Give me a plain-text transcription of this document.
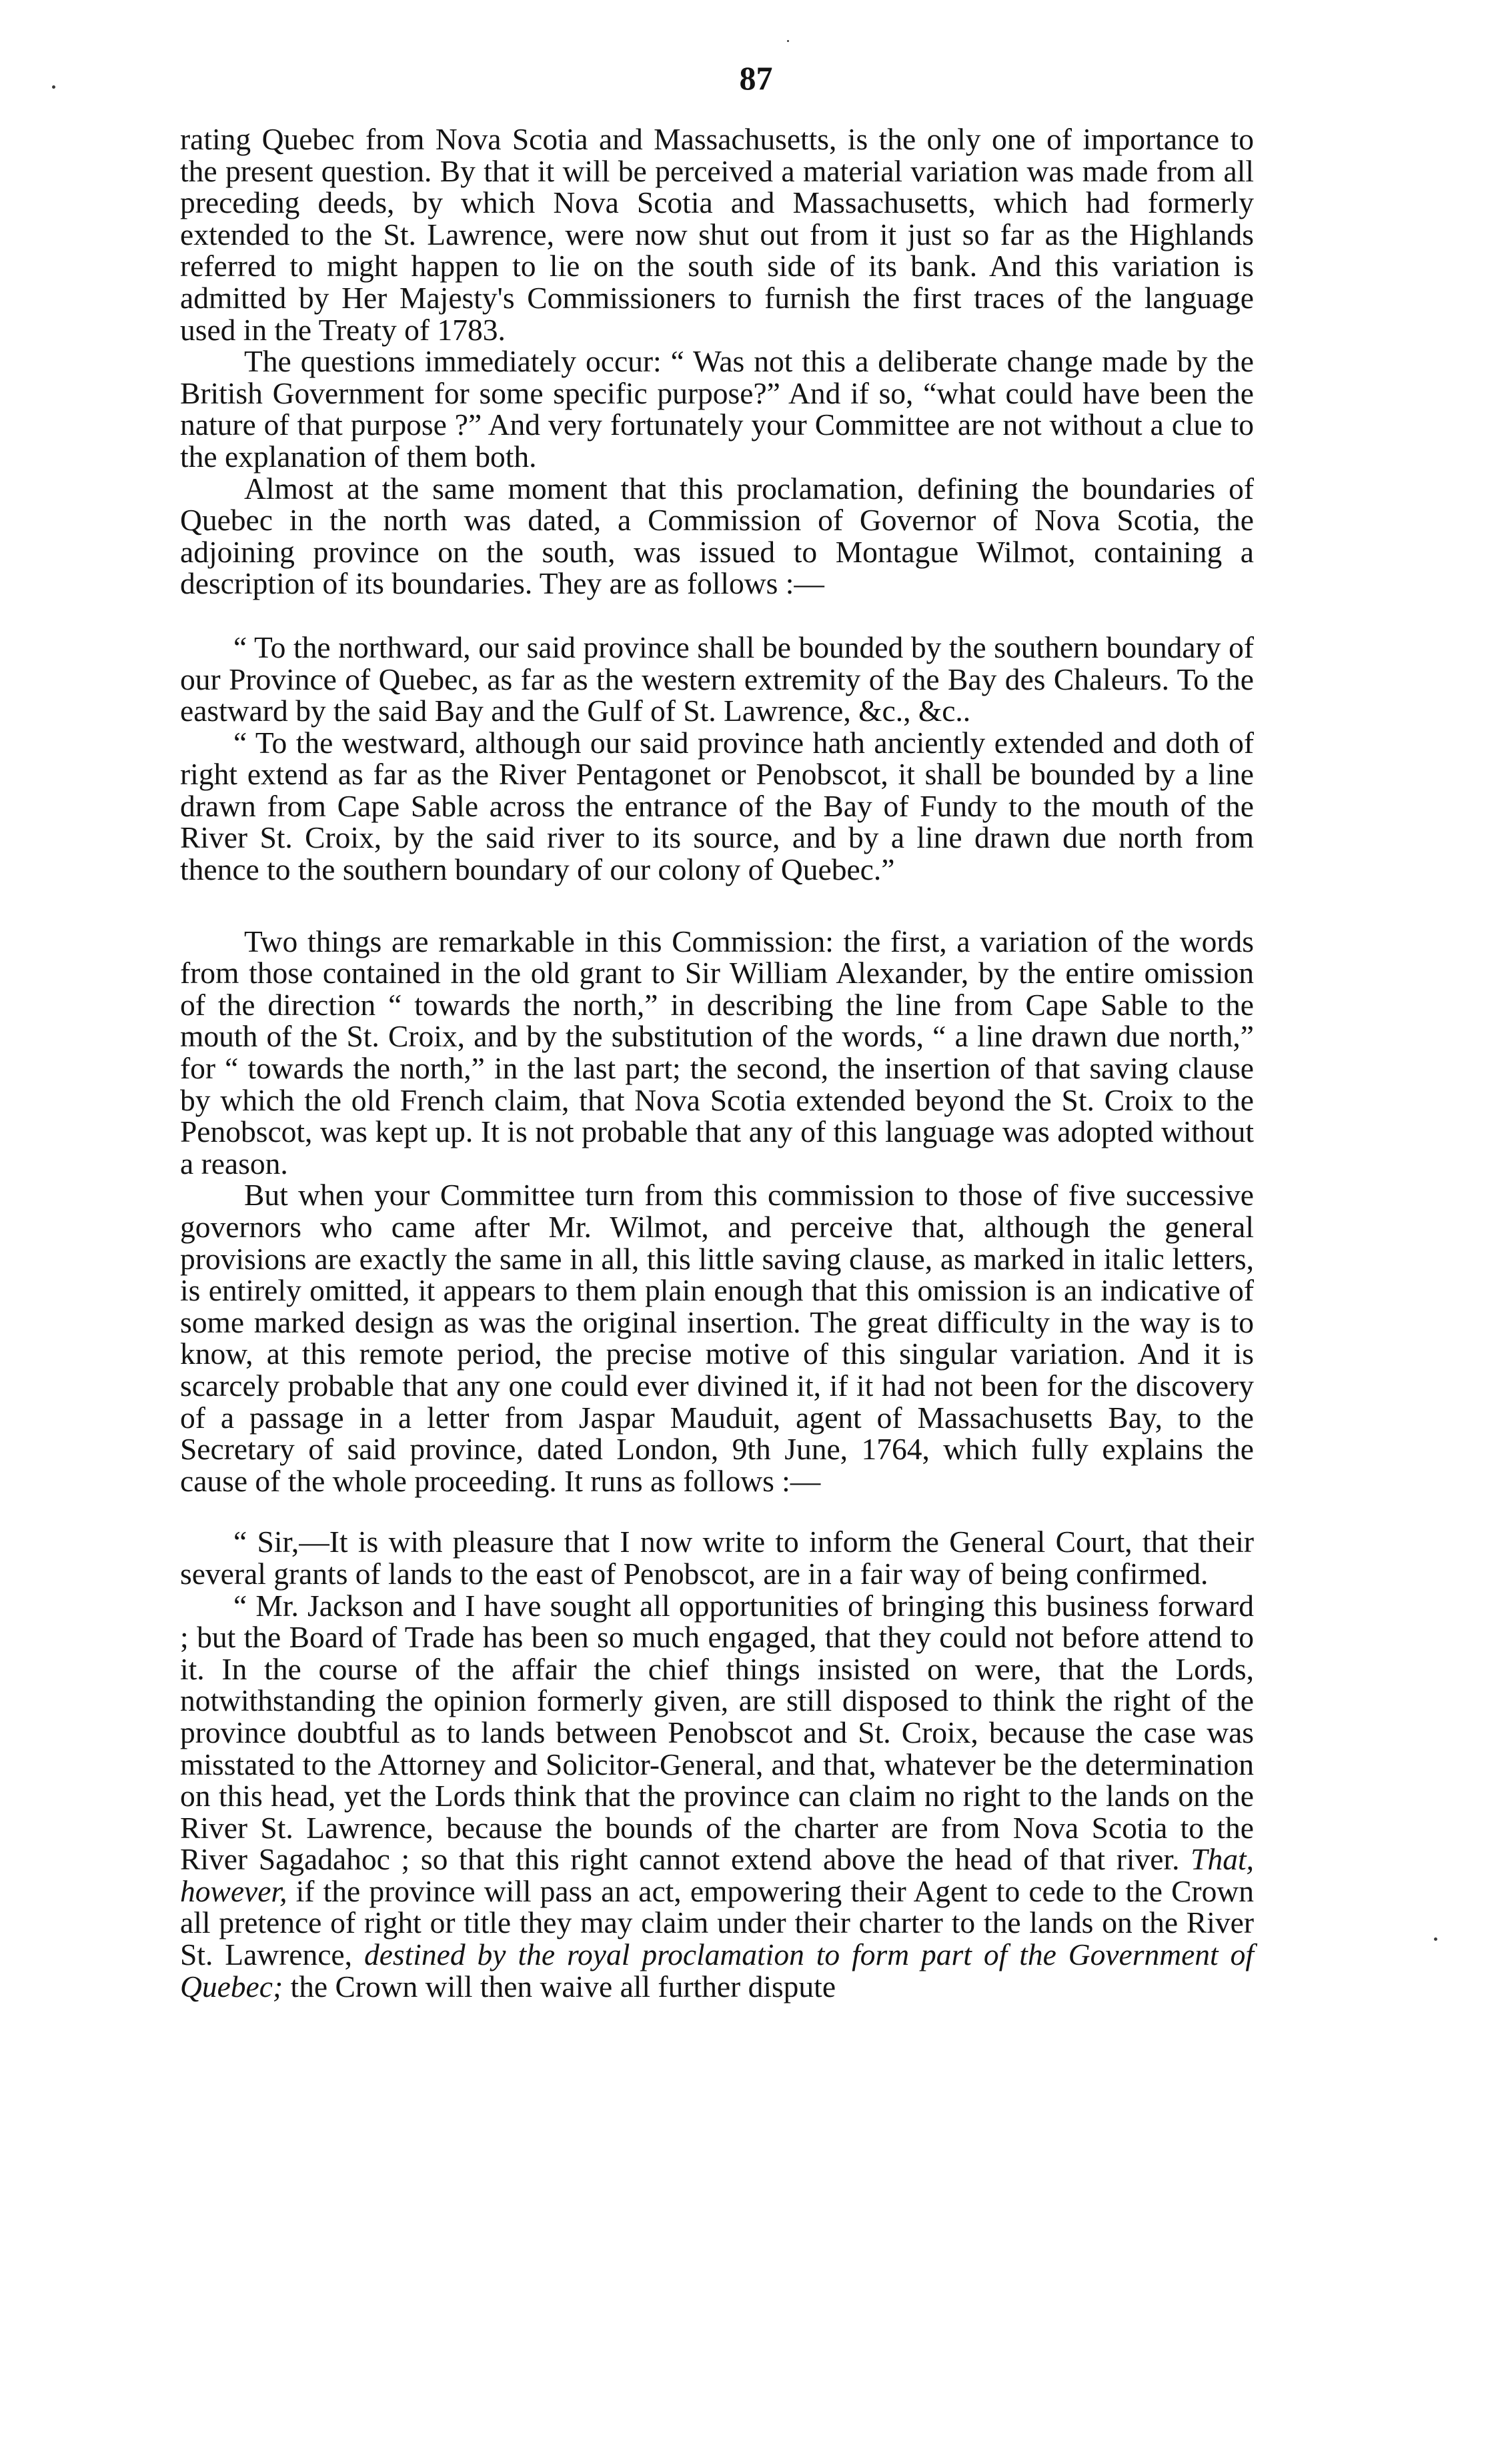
87

rating Quebec from Nova Scotia and Massachusetts, is the only one of importance to the present question. By that it will be perceived a material variation was made from all preceding deeds, by which Nova Scotia and Massachusetts, which had formerly extended to the St. Lawrence, were now shut out from it just so far as the Highlands referred to might happen to lie on the south side of its bank. And this variation is admitted by Her Majesty's Commissioners to furnish the first traces of the language used in the Treaty of 1783.

The questions immediately occur: “ Was not this a deliberate change made by the British Government for some specific purpose?” And if so, “what could have been the nature of that purpose ?” And very fortunately your Committee are not without a clue to the explanation of them both.

Almost at the same moment that this proclamation, defining the boundaries of Quebec in the north was dated, a Commission of Governor of Nova Scotia, the adjoining province on the south, was issued to Montague Wilmot, containing a description of its boundaries. They are as follows :—

“ To the northward, our said province shall be bounded by the southern boundary of our Province of Quebec, as far as the western extremity of the Bay des Chaleurs. To the eastward by the said Bay and the Gulf of St. Lawrence, &c., &c..

“ To the westward, although our said province hath anciently extended and doth of right extend as far as the River Pentagonet or Penobscot, it shall be bounded by a line drawn from Cape Sable across the entrance of the Bay of Fundy to the mouth of the River St. Croix, by the said river to its source, and by a line drawn due north from thence to the southern boundary of our colony of Quebec.”

Two things are remarkable in this Commission: the first, a variation of the words from those contained in the old grant to Sir William Alexander, by the entire omission of the direction “ towards the north,” in describing the line from Cape Sable to the mouth of the St. Croix, and by the substitution of the words, “ a line drawn due north,” for “ towards the north,” in the last part; the second, the insertion of that saving clause by which the old French claim, that Nova Scotia extended beyond the St. Croix to the Penobscot, was kept up. It is not probable that any of this language was adopted without a reason.

But when your Committee turn from this commission to those of five successive governors who came after Mr. Wilmot, and perceive that, although the general provisions are exactly the same in all, this little saving clause, as marked in italic letters, is entirely omitted, it appears to them plain enough that this omission is an indicative of some marked design as was the original insertion. The great difficulty in the way is to know, at this remote period, the precise motive of this singular variation. And it is scarcely probable that any one could ever divined it, if it had not been for the discovery of a passage in a letter from Jaspar Mauduit, agent of Massachusetts Bay, to the Secretary of said province, dated London, 9th June, 1764, which fully explains the cause of the whole proceeding. It runs as follows :—

“ Sir,—It is with pleasure that I now write to inform the General Court, that their several grants of lands to the east of Penobscot, are in a fair way of being confirmed.

“ Mr. Jackson and I have sought all opportunities of bringing this business forward ; but the Board of Trade has been so much engaged, that they could not before attend to it. In the course of the affair the chief things insisted on were, that the Lords, notwithstanding the opinion formerly given, are still disposed to think the right of the province doubtful as to lands between Penobscot and St. Croix, because the case was misstated to the Attorney and Solicitor-General, and that, whatever be the determination on this head, yet the Lords think that the province can claim no right to the lands on the River St. Lawrence, because the bounds of the charter are from Nova Scotia to the River Sagadahoc ; so that this right cannot extend above the head of that river. That, however, if the province will pass an act, empowering their Agent to cede to the Crown all pretence of right or title they may claim under their charter to the lands on the River St. Lawrence, destined by the royal proclamation to form part of the Government of Quebec; the Crown will then waive all further dispute
